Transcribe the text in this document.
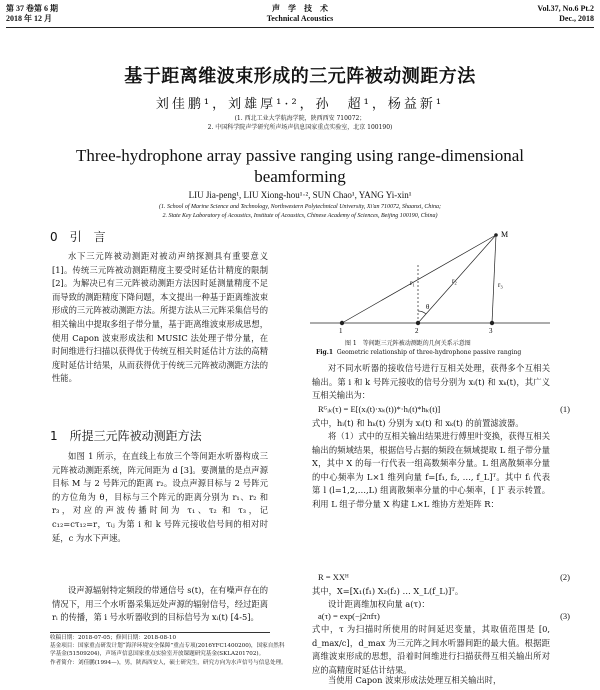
第 37 卷第 6 期
2018 年 12 月
声　学　技　术
Technical Acoustics
Vol.37, No.6 Pt.2
Dec., 2018
基于距离维波束形成的三元阵被动测距方法
刘佳鹏¹，刘雄厚¹·²，孙　超¹，杨益新¹
(1. 西北工业大学航海学院，陕西西安 710072；
2. 中国科学院声学研究所声场声信息国家重点实验室，北京 100190)
Three-hydrophone array passive ranging using range-dimensional
beamforming
LIU Jia-peng¹, LIU Xiong-hou¹·², SUN Chao¹, YANG Yi-xin¹
(1. School of Marine Science and Technology, Northwestern Polytechnical University, Xi'an 710072, Shaanxi, China;
2. State Key Laboratory of Acoustics, Institute of Acoustics, Chinese Academy of Sciences, Beijing 100190, China)
0　引　言
水下三元阵被动测距对被动声纳探测具有重要意义[1]。传统三元阵被动测距精度主要受时延估计精度的限制[2]。为解决已有三元阵被动测距方法因时延测量精度不足而导致的测距精度下降问题，本文提出一种基于距离维波束形成的三元阵被动测距方法。所提方法从三元阵采集信号的相关输出中提取多组子带分量，基于距离维波束形成思想，使用 Capon 波束形成法和 MUSIC 法处理子带分量，在时间维进行扫描以获得优于传统互相关时延估计方法的高精度时延估计结果，从而获得优于传统三元阵被动测距方法的性能。
1　所提三元阵被动测距方法
如图 1 所示，在直线上布放三个等间距水听器构成三元阵被动测距系统，阵元间距为 d [3]。要测量的是点声源目标 M 与 2 号阵元的距离 r₂。设点声源目标与 2 号阵元的方位角为 θ，目标与三个阵元的距离分别为 r₁、r₂ 和 r₃，对应的声波传播时间为 τ₁、τ₂ 和 τ₃，记 c₁₂=cτ₁₂=r，τᵢⱼ 为第 i 和 k 号阵元接收信号间的相对时延，c 为水下声速。
设声源辐射特定频段的带通信号 s(t)，在有噪声存在的情况下，用三个水听器采集远处声源的辐射信号，经过距离 rᵢ 的传播，第 i 号水听器收到的目标信号为 xᵢ(t) [4-5]。
收稿日期：2018-07-05；修回日期：2018-08-10
基金项目：国家重点研发计划“海洋环境安全保障”重点专项(2016YFC1400200)，国家自然科学基金(51509204)，声场声信息国家重点实验室开放课题研究基金(SKLA201702)。
作者简介：刘佳鹏(1994—)，男，陕西西安人，硕士研究生，研究方向为水声信号与信息处理。
M
r₁	r₂	r₃
θ
1	2	3
图 1　等间距三元阵被动测距的几何关系示意图
Fig.1 Geometric relationship of three-hydrophone passive ranging
对不同水听器的接收信号进行互相关处理，获得多个互相关输出。第 i 和 k 号阵元接收的信号分别为 xᵢ(t) 和 xₖ(t)，其广义互相关输出为：
Rᴳᵢₖ(τ) = E[(xᵢ(t)·xₖ(t))*·hᵢ(t)*hₖ(t)]	(1)
式中，hᵢ(t) 和 hₖ(t) 分别为 xᵢ(t) 和 xₖ(t) 的前置滤波器。
将（1）式中的互相关输出结果进行傅里叶变换，获得互相关输出的频域结果，根据信号占据的频段在频域提取 L 组子带分量 X，其中 X 的每一行代表一组高数频率分量。L 组离散频率分量的中心频率为 L×1 维列向量 f=[f₁, f₂, …, f_L]ᵀ。其中 fᵢ 代表第 l (l=1,2,…,L) 组离散频率分量的中心频率，[ ]ᵀ 表示转置。利用 L 组子带分量 X 构建 L×L 维协方差矩阵 R：
R = XXᴴ	(2)
其中，X=[X₁(f₁) X₂(f₂) … X_L(f_L)]ᵀ。
设计距离维加权向量 a(τ)：
a(τ) = exp(−j2πfτ)	(3)
式中，τ 为扫描时所使用的时间延迟变量，其取值范围是 [0, d_max/c]，d_max 为三元阵之间水听器间距的最大值。根据距离维波束形成的思想，沿着时间维进行扫描获得互相关输出所对应的高精度时延估计结果。
当使用 Capon 波束形成法处理互相关输出时，
